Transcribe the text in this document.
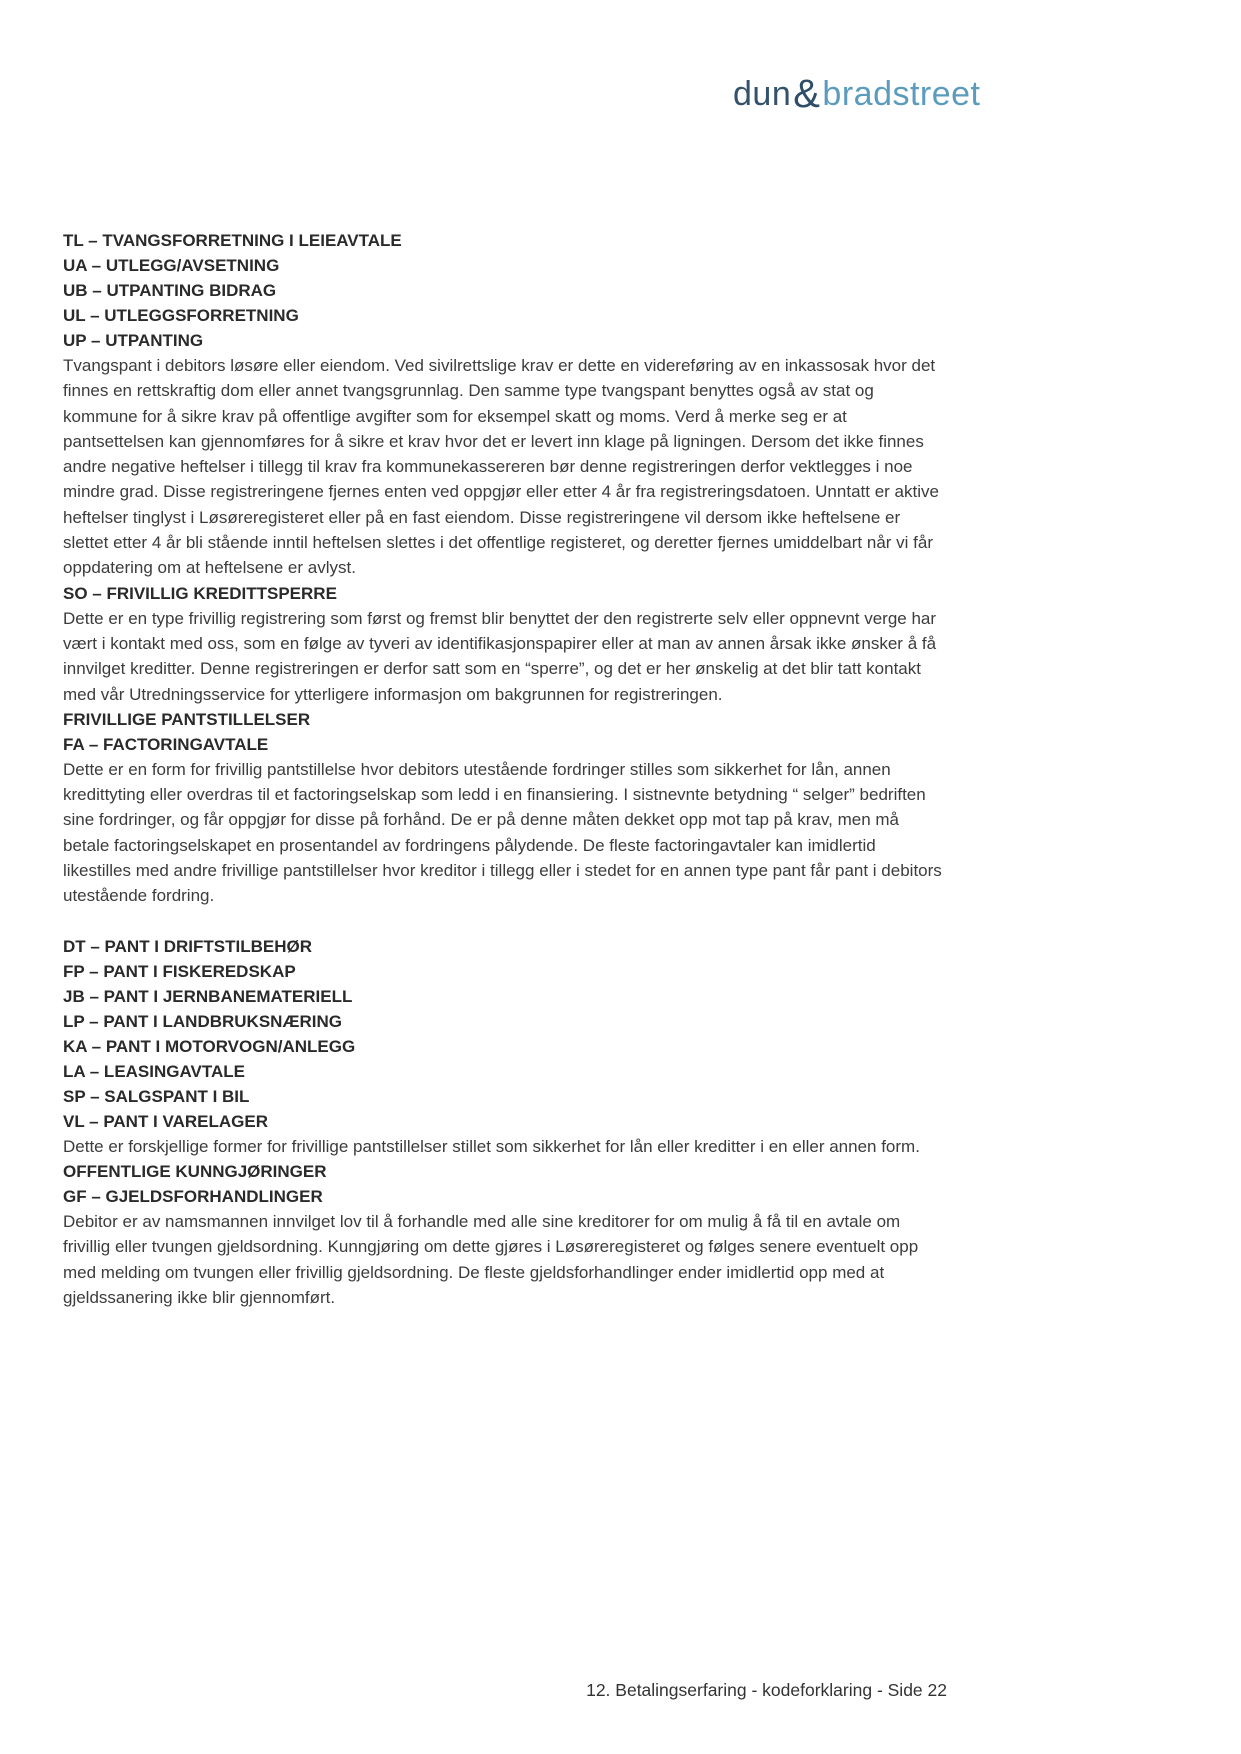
dun & bradstreet
TL – TVANGSFORRETNING I LEIEAVTALE
UA – UTLEGG/AVSETNING
UB – UTPANTING BIDRAG
UL – UTLEGGSFORRETNING
UP – UTPANTING

Tvangspant i debitors løsøre eller eiendom. Ved sivilrettslige krav er dette en videreføring av en inkassosak hvor det finnes en rettskraftig dom eller annet tvangsgrunnlag. Den samme type tvangspant benyttes også av stat og kommune for å sikre krav på offentlige avgifter som for eksempel skatt og moms. Verd å merke seg er at pantsettelsen kan gjennomføres for å sikre et krav hvor det er levert inn klage på ligningen. Dersom det ikke finnes andre negative heftelser i tillegg til krav fra kommunekassereren bør denne registreringen derfor vektlegges i noe mindre grad. Disse registreringene fjernes enten ved oppgjør eller etter 4 år fra registreringsdatoen. Unntatt er aktive heftelser tinglyst i Løsøreregisteret eller på en fast eiendom. Disse registreringene vil dersom ikke heftelsene er slettet etter 4 år bli stående inntil heftelsen slettes i det offentlige registeret, og deretter fjernes umiddelbart når vi får oppdatering om at heftelsene er avlyst.

SO – FRIVILLIG KREDITTSPERRE

Dette er en type frivillig registrering som først og fremst blir benyttet der den registrerte selv eller oppnevnt verge har vært i kontakt med oss, som en følge av tyveri av identifikasjonspapirer eller at man av annen årsak ikke ønsker å få innvilget kreditter. Denne registreringen er derfor satt som en “sperre”, og det er her ønskelig at det blir tatt kontakt med vår Utredningsservice for ytterligere informasjon om bakgrunnen for registreringen.

FRIVILLIGE PANTSTILLELSER
FA – FACTORINGAVTALE

Dette er en form for frivillig pantstillelse hvor debitors utestående fordringer stilles som sikkerhet for lån, annen kredittyting eller overdras til et factoringselskap som ledd i en finansiering. I sistnevnte betydning “ selger” bedriften sine fordringer, og får oppgjør for disse på forhånd. De er på denne måten dekket opp mot tap på krav, men må betale factoringselskapet en prosentandel av fordringens pålydende. De fleste factoringavtaler kan imidlertid likestilles med andre frivillige pantstillelser hvor kreditor i tillegg eller i stedet for en annen type pant får pant i debitors utestående fordring.

DT – PANT I DRIFTSTILBEHØR
FP – PANT I FISKEREDSKAP
JB – PANT I JERNBANEMATERIELL
LP – PANT I LANDBRUKSNÆRING
KA – PANT I MOTORVOGN/ANLEGG
LA – LEASINGAVTALE
SP – SALGSPANT I BIL
VL – PANT I VARELAGER

Dette er forskjellige former for frivillige pantstillelser stillet som sikkerhet for lån eller kreditter i en eller annen form.

OFFENTLIGE KUNNGJØRINGER
GF – GJELDSFORHANDLINGER

Debitor er av namsmannen innvilget lov til å forhandle med alle sine kreditorer for om mulig å få til en avtale om frivillig eller tvungen gjeldsordning. Kunngjøring om dette gjøres i Løsøreregisteret og følges senere eventuelt opp med melding om tvungen eller frivillig gjeldsordning. De fleste gjeldsforhandlinger ender imidlertid opp med at gjeldssanering ikke blir gjennomført.

12. Betalingserfaring - kodeforklaring - Side 22
